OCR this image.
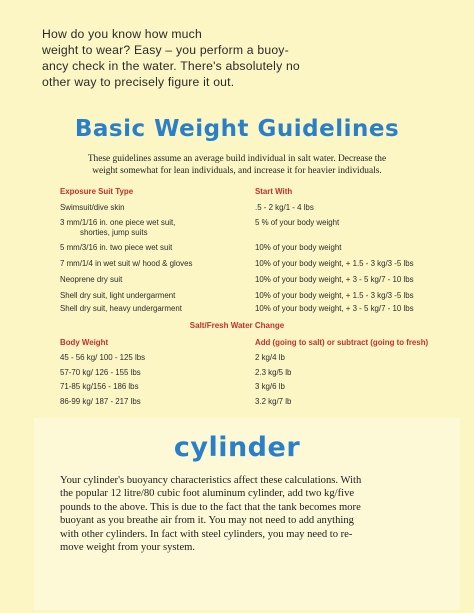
How do you know how much

weight to wear? Easy – you perform a buoy-

ancy check in the water. There's absolutely no

other way to precisely figure it out.

Basic Weight Guidelines
These guidelines assume an average build individual in salt water. Decrease the
weight somewhat for lean individuals, and increase it for heavier individuals.
Exposure Suit Type	Start With
Swimsuit/dive skin	.5 - 2 kg/1 - 4 lbs
3 mm/1/16 in. one piece wet suit,	5 % of your body weight
shorties, jump suits
5 mm/3/16 in. two piece wet suit	10% of your body weight
7 mm/1/4 in wet suit w/ hood & gloves	10% of your body weight, + 1.5 - 3 kg/3 -5 lbs
Neoprene dry suit	10% of your body weight, + 3 - 5 kg/7 - 10 lbs
Shell dry suit, light undergarment	10% of your body weight, + 1.5 - 3 kg/3 -5 lbs
Shell dry suit, heavy undergarment	10% of your body weight, + 3 - 5 kg/7 - 10 lbs
Salt/Fresh Water Change
Body Weight	Add (going to salt) or subtract (going to fresh)
45 - 56 kg/ 100 - 125 lbs	2 kg/4 lb
57-70 kg/ 126 - 155 lbs	2.3 kg/5 lb
71-85 kg/156 - 186 lbs	3 kg/6 lb
86-99 kg/ 187 - 217 lbs	3.2 kg/7 lb
cylinder

Your cylinder's buoyancy characteristics affect these calculations. With

the popular 12 litre/80 cubic foot aluminum cylinder, add two kg/five

pounds to the above. This is due to the fact that the tank becomes more

buoyant as you breathe air from it. You may not need to add anything

with other cylinders. In fact with steel cylinders, you may need to re-

move weight from your system.
